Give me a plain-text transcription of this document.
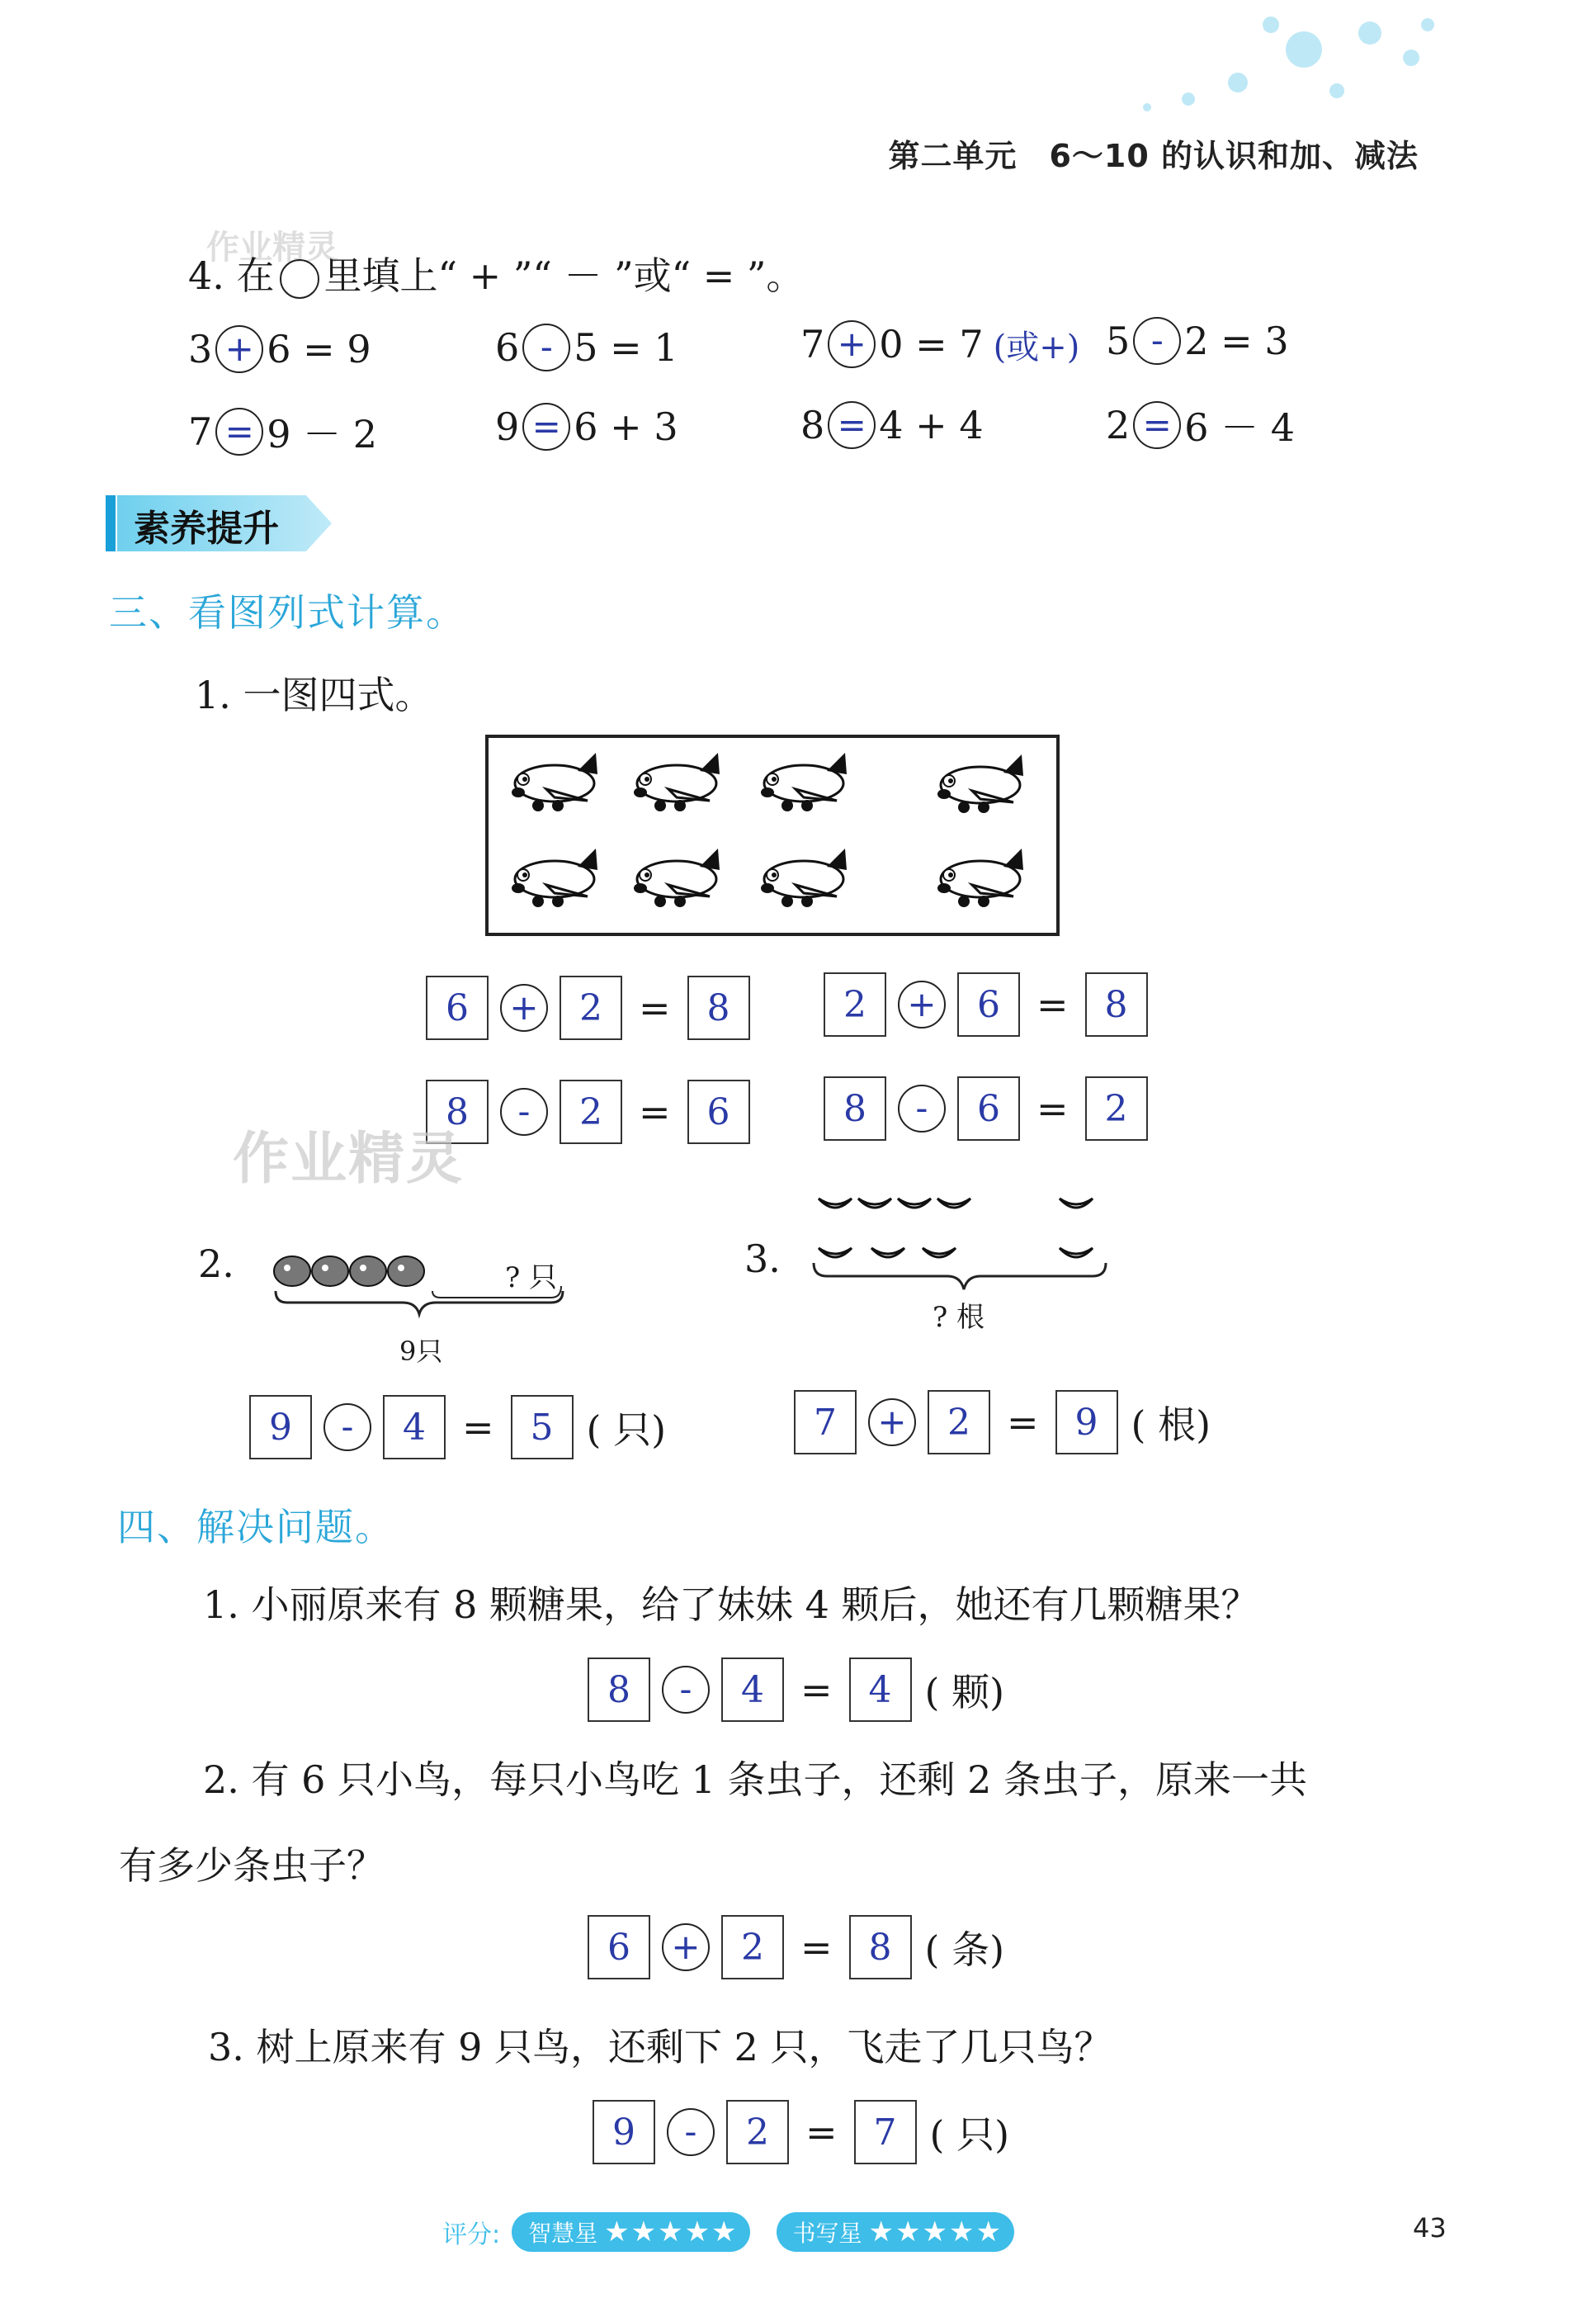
第二单元　6～10 的认识和加、减法
作业精灵
4. 在 里填上“ + ”“ － ”或“ = ”。
3 + 6 = 9	6 - 5 = 1	7 + 0 = 7 (或+) 5 - 2 = 3
7 = 9 － 2	9 = 6 + 3	8 = 4 + 4	2 = 6 － 4
素养提升
三、看图列式计算。
1. 一图四式。
6	+	2 =	8	2	+	6 =	8
8	-	2 =	6	8	-	6 =	2
作业精灵
2.	? 只
9只
3.
? 根
9	-	4 =	5 ( 只)	7	+	2 =	9 ( 根)
四、解决问题。
1. 小丽原来有 8 颗糖果，给了妹妹 4 颗后，她还有几颗糖果？
8	-	4 =	4 ( 颗)
2. 有 6 只小鸟，每只小鸟吃 1 条虫子，还剩 2 条虫子，原来一共
有多少条虫子？
6	+	2 =	8 ( 条)
3. 树上原来有 9 只鸟，还剩下 2 只，飞走了几只鸟？
9	-	2 =	7 ( 只)
评分: 智慧星 ★★★★★ 书写星 ★★★★★	43
